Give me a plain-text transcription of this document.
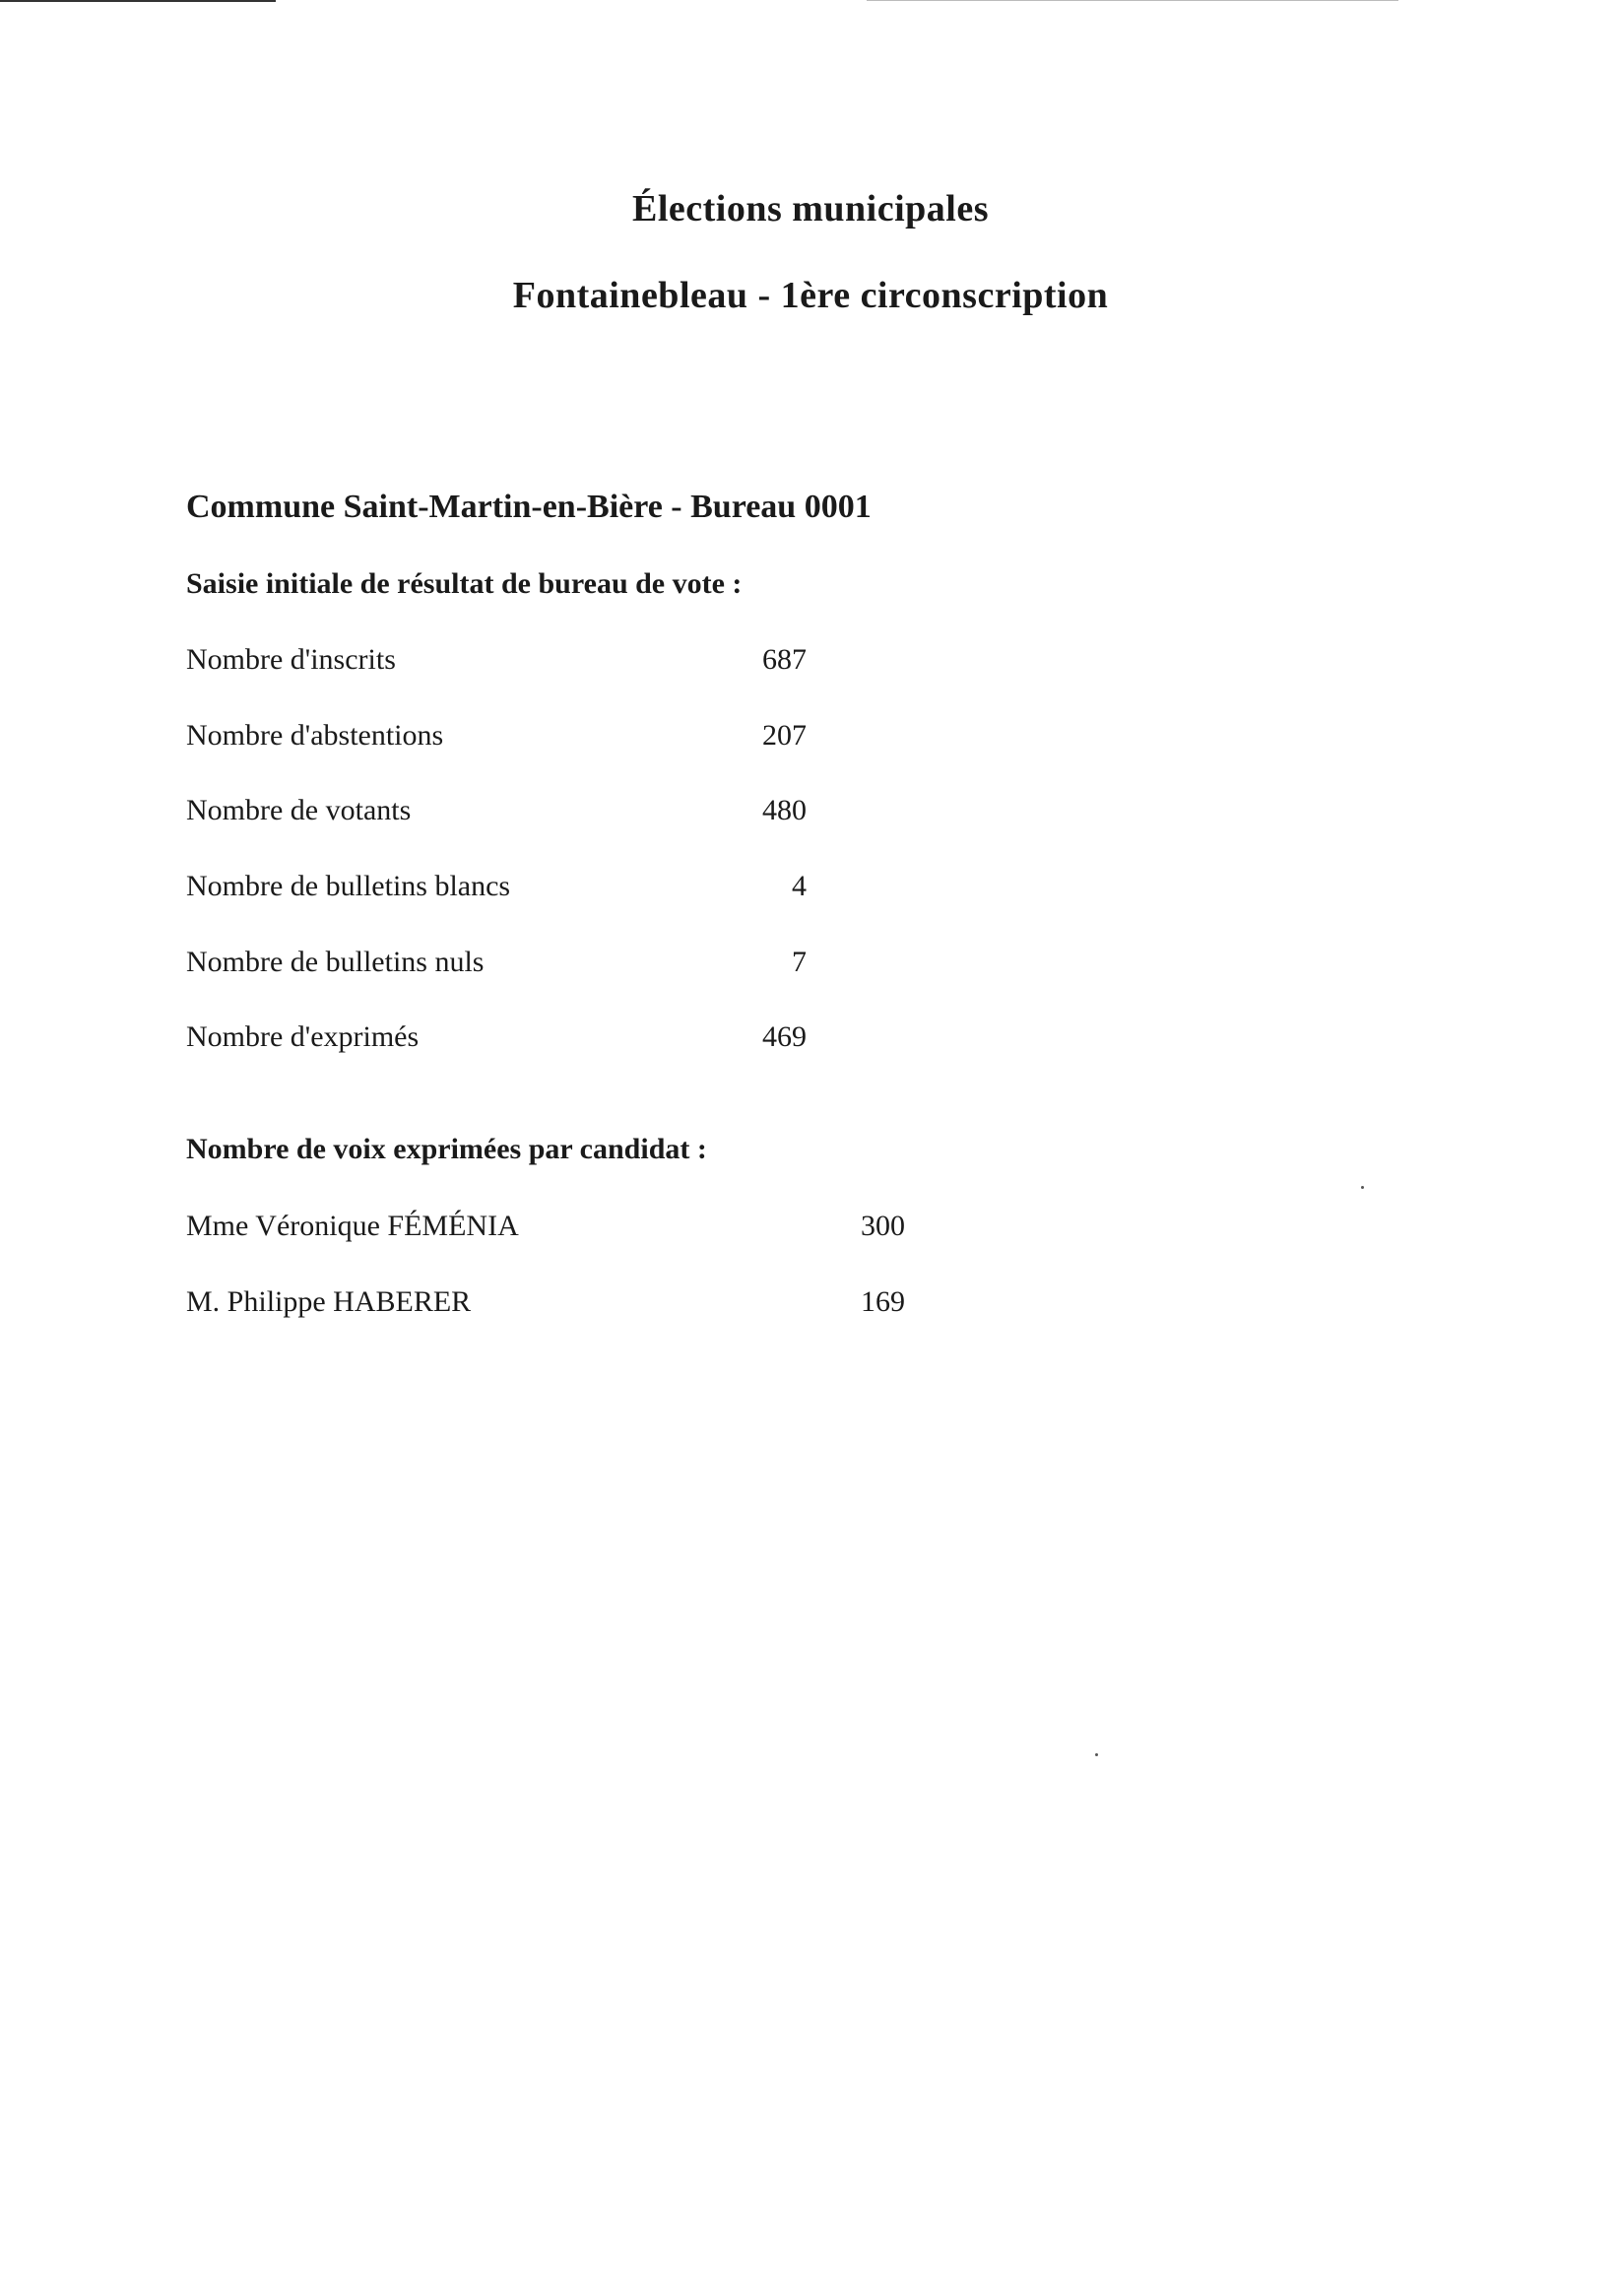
Élections municipales
Fontainebleau - 1ère circonscription
Commune Saint-Martin-en-Bière - Bureau 0001
Saisie initiale de résultat de bureau de vote :
Nombre d'inscrits	687
Nombre d'abstentions	207
Nombre de votants	480
Nombre de bulletins blancs	4
Nombre de bulletins nuls	7
Nombre d'exprimés	469
Nombre de voix exprimées par candidat :
Mme Véronique FÉMÉNIA	300
M. Philippe HABERER	169
